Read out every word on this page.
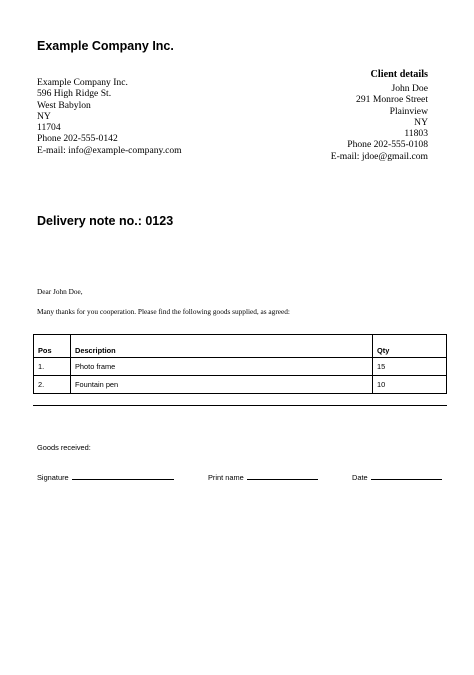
Example Company Inc.
Example Company Inc.
596 High Ridge St.
West Babylon
NY
11704
Phone 202-555-0142
E-mail: info@example-company.com
Client details
John Doe
291 Monroe Street
Plainview
NY
11803
Phone 202-555-0108
E-mail: jdoe@gmail.com
Delivery note no.: 0123
Dear John Doe,
Many thanks for you cooperation. Please find the following goods supplied, as agreed:
Pos	Description	Qty
1.	Photo frame	15
2.	Fountain pen	10
Goods received:
Signature	Print name	Date
